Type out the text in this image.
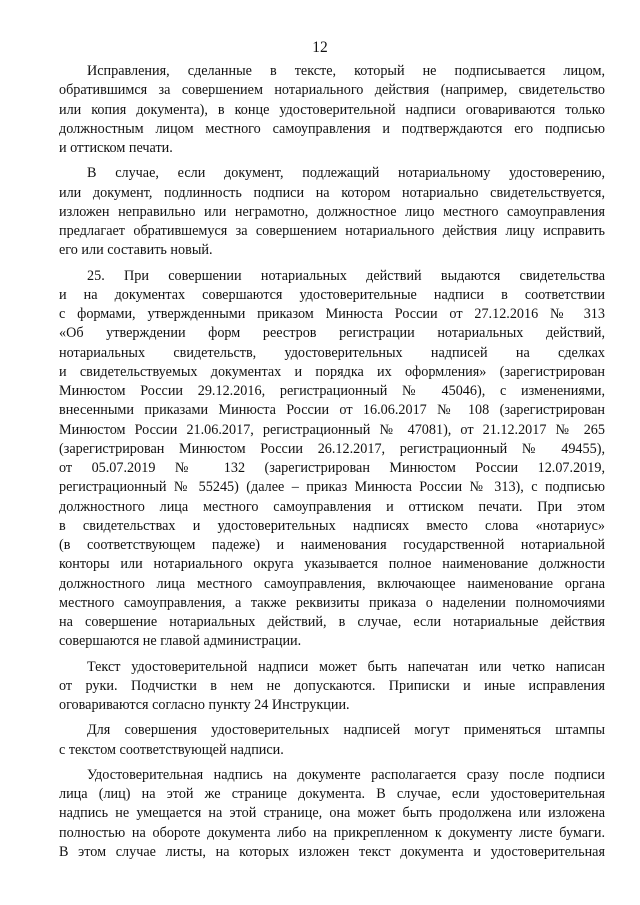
12
Исправления, сделанные в тексте, который не подписывается лицом,
обратившимся за совершением нотариального действия (например, свидетельство
или копия документа), в конце удостоверительной надписи оговариваются только
должностным лицом местного самоуправления и подтверждаются его подписью
и оттиском печати.
В случае, если документ, подлежащий нотариальному удостоверению,
или документ, подлинность подписи на котором нотариально свидетельствуется,
изложен неправильно или неграмотно, должностное лицо местного самоуправления
предлагает обратившемуся за совершением нотариального действия лицу исправить
его или составить новый.
25. При совершении нотариальных действий выдаются свидетельства
и на документах совершаются удостоверительные надписи в соответствии
с формами, утвержденными приказом Минюста России от 27.12.2016 № 313
«Об утверждении форм реестров регистрации нотариальных действий,
нотариальных свидетельств, удостоверительных надписей на сделках
и свидетельствуемых документах и порядка их оформления» (зарегистрирован
Минюстом России 29.12.2016, регистрационный № 45046), с изменениями,
внесенными приказами Минюста России от 16.06.2017 № 108 (зарегистрирован
Минюстом России 21.06.2017, регистрационный № 47081), от 21.12.2017 № 265
(зарегистрирован Минюстом России 26.12.2017, регистрационный № 49455),
от 05.07.2019 № 132 (зарегистрирован Минюстом России 12.07.2019,
регистрационный № 55245) (далее – приказ Минюста России № 313), с подписью
должностного лица местного самоуправления и оттиском печати. При этом
в свидетельствах и удостоверительных надписях вместо слова «нотариус»
(в соответствующем падеже) и наименования государственной нотариальной
конторы или нотариального округа указывается полное наименование должности
должностного лица местного самоуправления, включающее наименование органа
местного самоуправления, а также реквизиты приказа о наделении полномочиями
на совершение нотариальных действий, в случае, если нотариальные действия
совершаются не главой администрации.
Текст удостоверительной надписи может быть напечатан или четко написан
от руки. Подчистки в нем не допускаются. Приписки и иные исправления
оговариваются согласно пункту 24 Инструкции.
Для совершения удостоверительных надписей могут применяться штампы
с текстом соответствующей надписи.
Удостоверительная надпись на документе располагается сразу после подписи
лица (лиц) на этой же странице документа. В случае, если удостоверительная
надпись не умещается на этой странице, она может быть продолжена или изложена
полностью на обороте документа либо на прикрепленном к документу листе бумаги.
В этом случае листы, на которых изложен текст документа и удостоверительная
